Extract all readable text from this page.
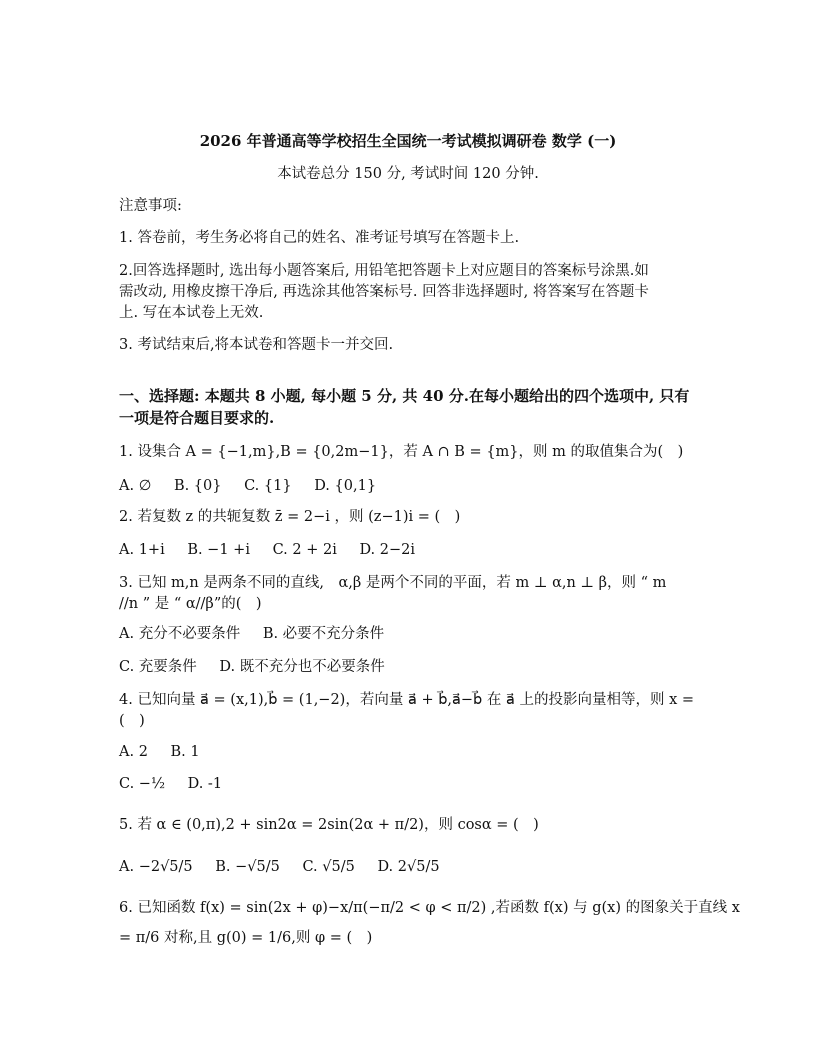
2026 年普通高等学校招生全国统一考试模拟调研卷 数学 (一)
本试卷总分 150 分, 考试时间 120 分钟.
注意事项:
1. 答卷前，考生务必将自己的姓名、准考证号填写在答题卡上.
2.回答选择题时, 选出每小题答案后, 用铅笔把答题卡上对应题目的答案标号涂黑.如
需改动, 用橡皮擦干净后, 再选涂其他答案标号. 回答非选择题时, 将答案写在答题卡
上. 写在本试卷上无效.
3. 考试结束后,将本试卷和答题卡一并交回.
一、选择题: 本题共 8 小题, 每小题 5 分, 共 40 分.在每小题给出的四个选项中, 只有
一项是符合题目要求的.
1. 设集合 A = {−1,m},B = {0,2m−1}，若 A ∩ B = {m}，则 m 的取值集合为(　)
A. ∅ B. {0} C. {1} D. {0,1}
2. 若复数 z 的共轭复数 z̄ = 2−i ，则 (z−1)i = (　)
A. 1+i B. −1 +i C. 2 + 2i D. 2−2i
3. 已知 m,n 是两条不同的直线,　α,β 是两个不同的平面，若 m ⊥ α,n ⊥ β，则 “ m
//n ” 是 “ α//β”的(　)
A. 充分不必要条件 B. 必要不充分条件
C. 充要条件 D. 既不充分也不必要条件
4. 已知向量 a⃗ = (x,1),b⃗ = (1,−2)，若向量 a⃗ + b⃗,a⃗−b⃗ 在 a⃗ 上的投影向量相等，则 x =
(　)
A. 2 B. 1
C. −½ D. -1
5. 若 α ∈ (0,π),2 + sin2α = 2sin(2α + π/2)，则 cosα = (　)
A. −2√5/5 B. −√5/5 C. √5/5 D. 2√5/5
6. 已知函数 f(x) = sin(2x + φ)−x/π(−π/2 < φ < π/2) ,若函数 f(x) 与 g(x) 的图象关于直线 x
= π/6 对称,且 g(0) = 1/6,则 φ = (　)
